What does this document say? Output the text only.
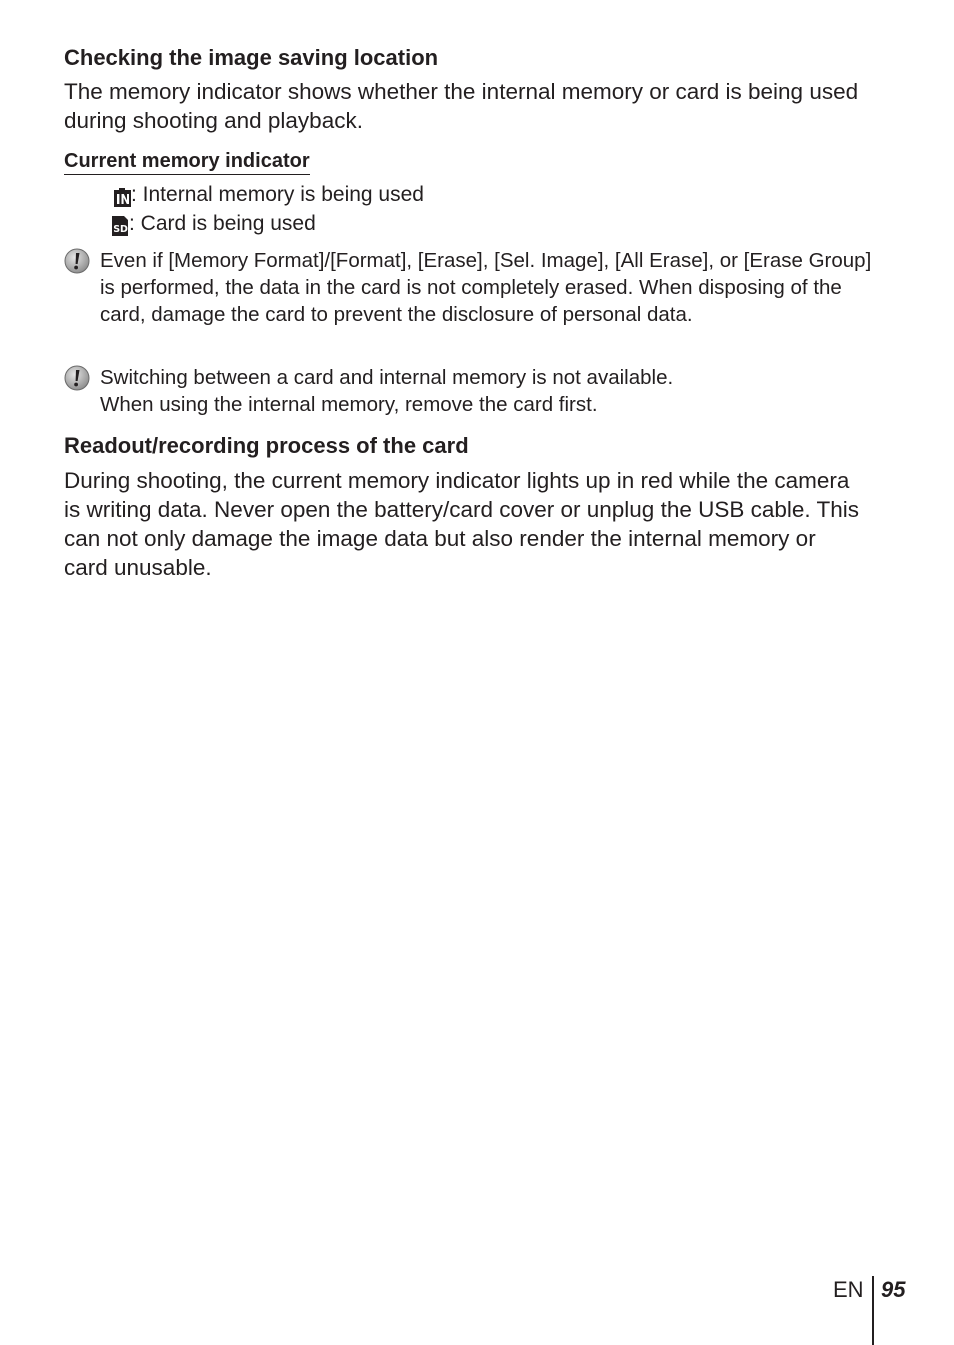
Checking the image saving location
The memory indicator shows whether the internal memory or card is being used during shooting and playback.
Current memory indicator
: Internal memory is being used
SD : Card is being used
Even if [Memory Format]/[Format], [Erase], [Sel. Image], [All Erase], or [Erase Group] is performed, the data in the card is not completely erased. When disposing of the card, damage the card to prevent the disclosure of personal data.
Switching between a card and internal memory is not available.
When using the internal memory, remove the card first.
Readout/recording process of the card
During shooting, the current memory indicator lights up in red while the camera is writing data. Never open the battery/card cover or unplug the USB cable. This can not only damage the image data but also render the internal memory or card unusable.
EN 95
